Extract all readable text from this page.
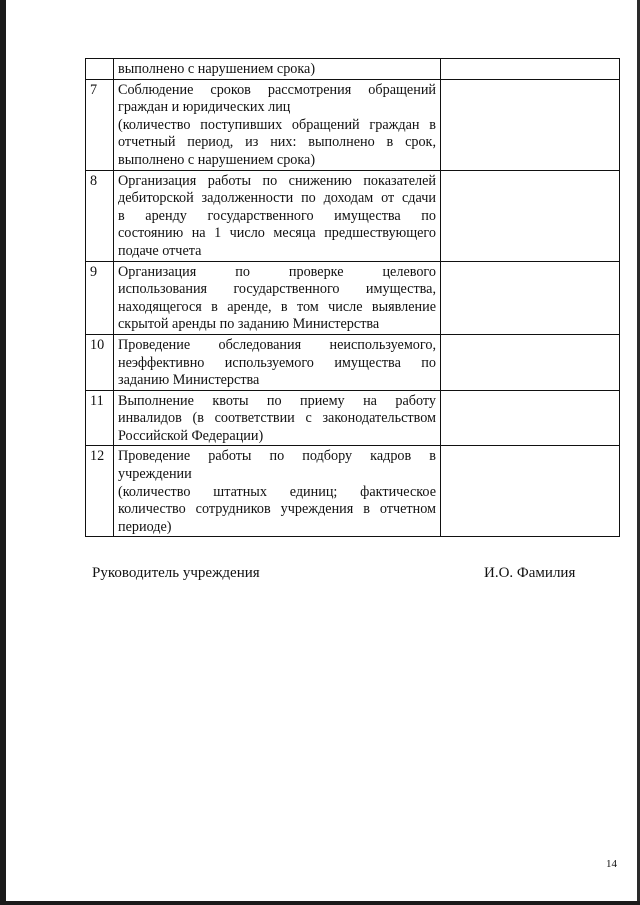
	выполнено с нарушением срока)	

7	Соблюдение сроков рассмотрения обращений
граждан и юридических лиц
(количество поступивших обращений граждан в
отчетный период, из них: выполнено в срок,
выполнено с нарушением срока)	

8	Организация работы по снижению показателей
дебиторской задолженности по доходам от сдачи
в аренду государственного имущества по
состоянию на 1 число месяца предшествующего
подаче отчета	

9	Организация по проверке целевого
использования государственного имущества,
находящегося в аренде, в том числе выявление
скрытой аренды по заданию Министерства	

10	Проведение обследования неиспользуемого,
неэффективно используемого имущества по
заданию Министерства	

11	Выполнение квоты по приему на работу
инвалидов (в соответствии с законодательством
Российской Федерации)	

12	Проведение работы по подбору кадров в
учреждении
(количество штатных единиц; фактическое
количество сотрудников учреждения в отчетном
периоде)	

Руководитель учреждения	И.О. Фамилия
14
